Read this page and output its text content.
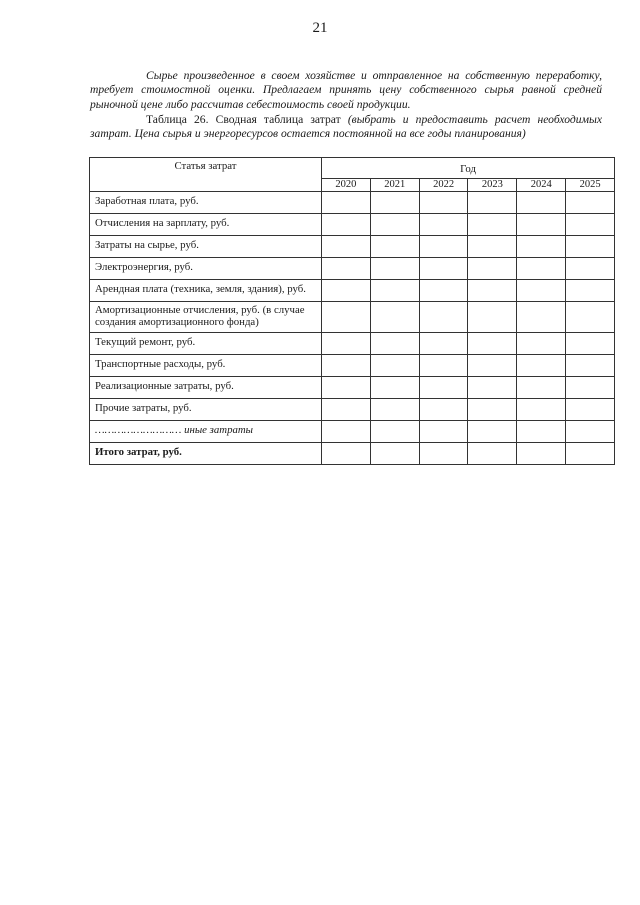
21

Сырье произведенное в своем хозяйстве и отправленное на собственную переработку, требует стоимостной оценки. Предлагаем принять цену собственного сырья равной средней рыночной цене либо рассчитав себестоимость своей продукции.

Таблица 26. Сводная таблица затрат (выбрать и предоставить расчет необходимых затрат. Цена сырья и энергоресурсов остается постоянной на все годы планирования)

Статья затрат	Год					
	2020	2021	2022	2023	2024	2025
Заработная плата, руб.						
Отчисления на зарплату, руб.						
Затраты на сырье, руб.						
Электроэнергия, руб.						
Арендная плата (техника, земля, здания), руб.						
Амортизационные отчисления, руб. (в случае создания амортизационного фонда)						
Текущий ремонт, руб.						
Транспортные расходы, руб.						
Реализационные затраты, руб.						
Прочие затраты, руб.						
……………………… иные затраты						
Итого затрат, руб.						
